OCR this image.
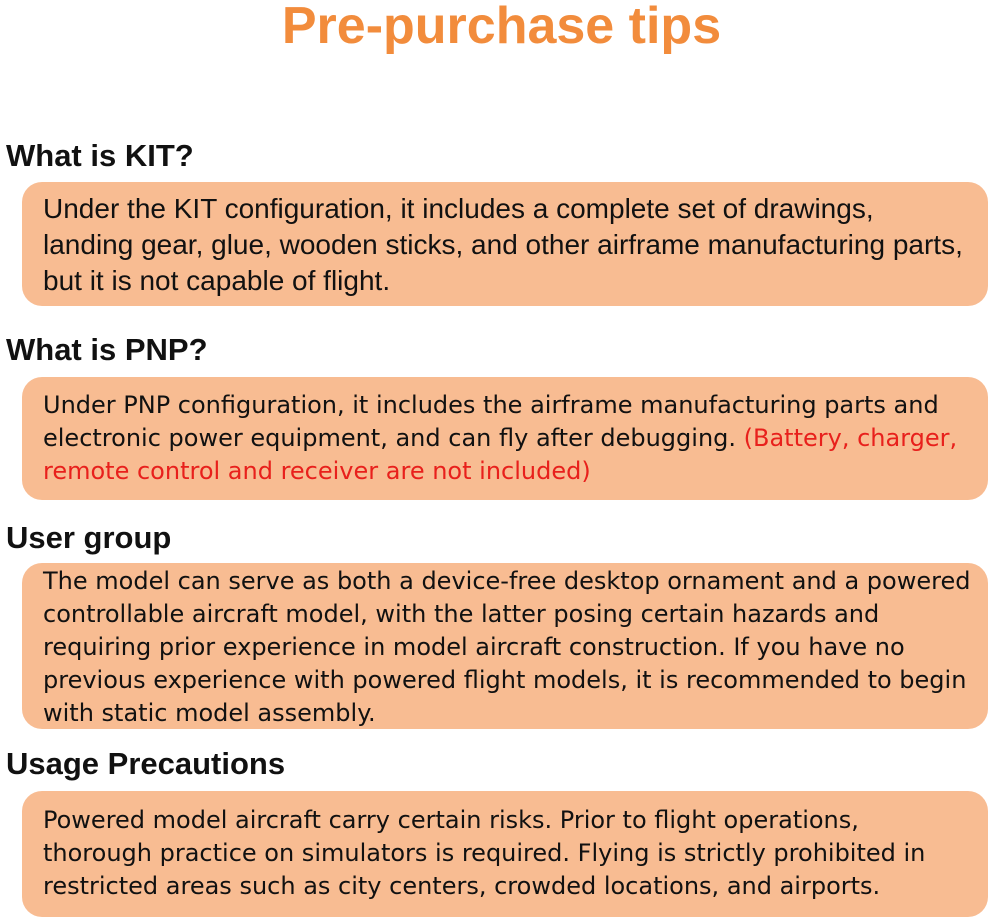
Pre-purchase tips
What is KIT?

Under the KIT configuration, it includes a complete set of drawings, landing gear, glue, wooden sticks, and other airframe manufacturing parts, but it is not capable of flight.

What is PNP?

Under PNP configuration, it includes the airframe manufacturing parts and electronic power equipment, and can fly after debugging. (Battery, charger, remote control and receiver are not included)

User group

The model can serve as both a device-free desktop ornament and a powered controllable aircraft model, with the latter posing certain hazards and requiring prior experience in model aircraft construction. If you have no previous experience with powered flight models, it is recommended to begin with static model assembly.

Usage Precautions

Powered model aircraft carry certain risks. Prior to flight operations, thorough practice on simulators is required. Flying is strictly prohibited in restricted areas such as city centers, crowded locations, and airports.
